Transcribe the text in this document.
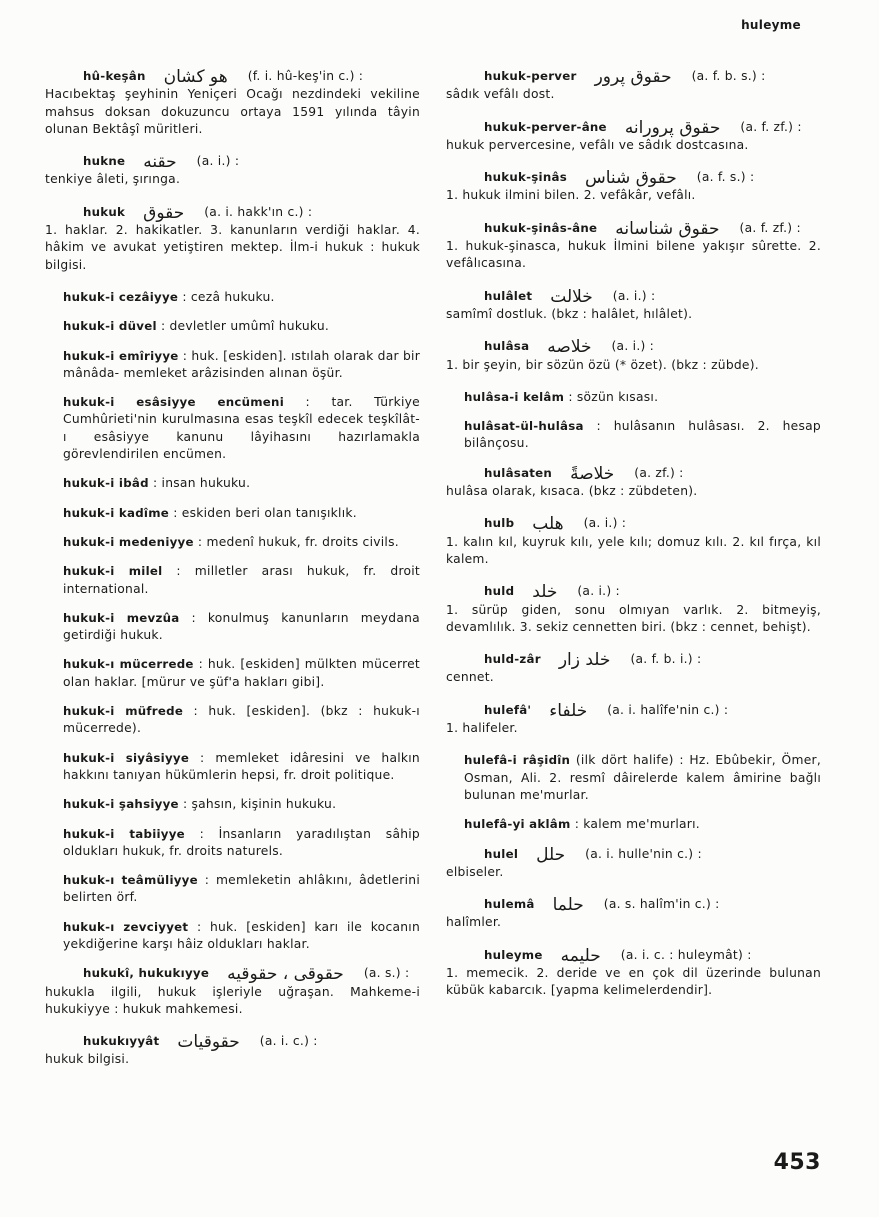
huleyme
hû-keşân هو كشان (f. i. hû-keş'in c.) :
Hacıbektaş şeyhinin Yeniçeri Ocağı nezdindeki vekiline mahsus doksan dokuzuncu ortaya 1591 yılında tâyin olunan Bektâşî müritleri.
hukne حقنه (a. i.) :
tenkiye âleti, şırınga.
hukuk حقوق (a. i. hakk'ın c.) :
1. haklar. 2. hakikatler. 3. kanunların verdiği haklar. 4. hâkim ve avukat yetiştiren mektep. İlm-i hukuk : hukuk bilgisi.
hukuk-i cezâiyye : cezâ hukuku.
hukuk-i düvel : devletler umûmî hukuku.
hukuk-i emîriyye : huk. [eskiden]. ıstılah olarak dar bir mânâda- memleket arâzisinden alınan öşür.
hukuk-i esâsiyye encümeni : tar. Türkiye Cumhûrieti'nin kurulmasına esas teşkîl edecek teşkîlât-ı esâsiyye kanunu lâyihasını hazırlamakla görevlendirilen encümen.
hukuk-i ibâd : insan hukuku.
hukuk-i kadîme : eskiden beri olan tanışıklık.
hukuk-i medeniyye : medenî hukuk, fr. droits civils.
hukuk-i milel : milletler arası hukuk, fr. droit international.
hukuk-i mevzûa : konulmuş kanunların meydana getirdiği hukuk.
hukuk-ı mücerrede : huk. [eskiden] mülkten mücerret olan haklar. [mürur ve şüf'a hakları gibi].
hukuk-i müfrede : huk. [eskiden]. (bkz : hukuk-ı mücerrede).
hukuk-i siyâsiyye : memleket idâresini ve halkın hakkını tanıyan hükümlerin hepsi, fr. droit politique.
hukuk-i şahsiyye : şahsın, kişinin hukuku.
hukuk-i tabiiyye : İnsanların yaradılıştan sâhip oldukları hukuk, fr. droits naturels.
hukuk-ı teâmüliyye : memleketin ahlâkını, âdetlerini belirten örf.
hukuk-ı zevciyyet : huk. [eskiden] karı ile kocanın yekdiğerine karşı hâiz oldukları haklar.
hukukî, hukukıyye حقوقى ، حقوقيه (a. s.) :
hukukla ilgili, hukuk işleriyle uğraşan. Mahkeme-i hukukiyye : hukuk mahkemesi.
hukukıyyât حقوقيات (a. i. c.) :
hukuk bilgisi.
hukuk-perver حقوق پرور (a. f. b. s.) :
sâdık vefâlı dost.
hukuk-perver-âne حقوق پرورانه (a. f. zf.) :
hukuk pervercesine, vefâlı ve sâdık dostcasına.
hukuk-şinâs حقوق شناس (a. f. s.) :
1. hukuk ilmini bilen. 2. vefâkâr, vefâlı.
hukuk-şinâs-âne حقوق شناسانه (a. f. zf.) :
1. hukuk-şinasca, hukuk İlmini bilene yakışır sûrette. 2. vefâlıcasına.
hulâlet خلالت (a. i.) :
samîmî dostluk. (bkz : halâlet, hılâlet).
hulâsa خلاصه (a. i.) :
1. bir şeyin, bir sözün özü (* özet). (bkz : zübde).
hulâsa-i kelâm : sözün kısası.
hulâsat-ül-hulâsa : hulâsanın hulâsası. 2. hesap bilânçosu.
hulâsaten خلاصةً (a. zf.) :
hulâsa olarak, kısaca. (bkz : zübdeten).
hulb هلب (a. i.) :
1. kalın kıl, kuyruk kılı, yele kılı; domuz kılı. 2. kıl fırça, kıl kalem.
huld خلد (a. i.) :
1. sürüp giden, sonu olmıyan varlık. 2. bitmeyiş, devamlılık. 3. sekiz cennetten biri. (bkz : cennet, behişt).
huld-zâr خلد زار (a. f. b. i.) :
cennet.
hulefâ' خلفاء (a. i. halîfe'nin c.) :
1. halifeler.
hulefâ-i râşidîn (ilk dört halife) : Hz. Ebûbekir, Ömer, Osman, Ali. 2. resmî dâirelerde kalem âmirine bağlı bulunan me'murlar.
hulefâ-yi aklâm : kalem me'murları.
hulel حلل (a. i. hulle'nin c.) :
elbiseler.
hulemâ حلما (a. s. halîm'in c.) :
halîmler.
huleyme حليمه (a. i. c. : huleymât) :
1. memecik. 2. deride ve en çok dil üzerinde bulunan kübük kabarcık. [yapma kelimelerdendir].
453
